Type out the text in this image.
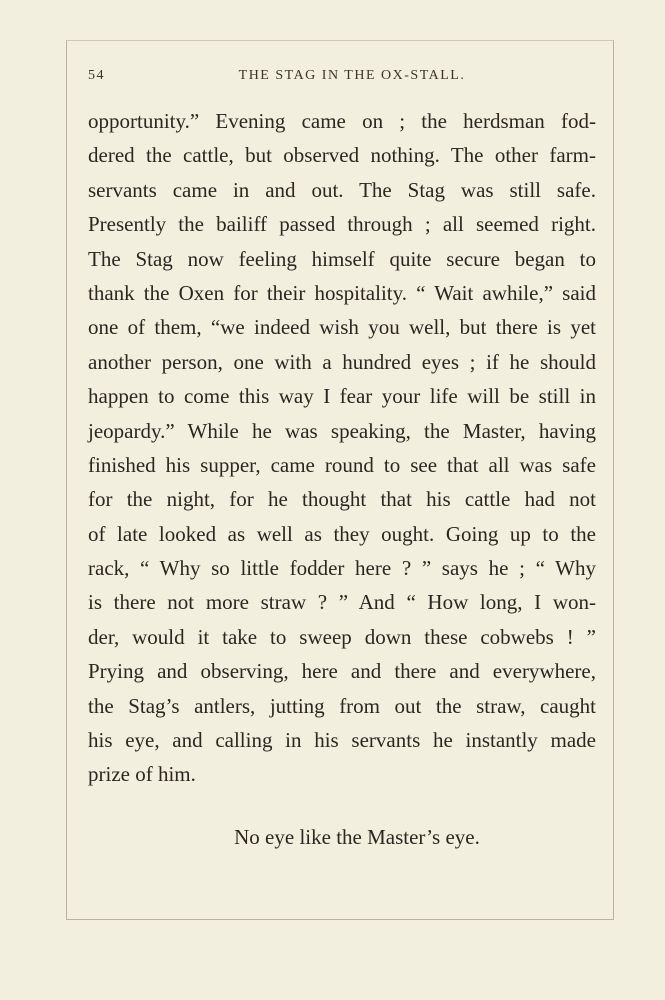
54	THE STAG IN THE OX-STALL.
opportunity.” Evening came on ; the herdsman fod-
dered the cattle, but observed nothing. The other farm-
servants came in and out. The Stag was still safe.
Presently the bailiff passed through ; all seemed right.
The Stag now feeling himself quite secure began to
thank the Oxen for their hospitality. “ Wait awhile,” said
one of them, “we indeed wish you well, but there is yet
another person, one with a hundred eyes ; if he should
happen to come this way I fear your life will be still in
jeopardy.” While he was speaking, the Master, having
finished his supper, came round to see that all was safe
for the night, for he thought that his cattle had not
of late looked as well as they ought. Going up to the
rack, “ Why so little fodder here ? ” says he ; “ Why
is there not more straw ? ” And “ How long, I won-
der, would it take to sweep down these cobwebs ! ”
Prying and observing, here and there and everywhere,
the Stag’s antlers, jutting from out the straw, caught
his eye, and calling in his servants he instantly made
prize of him.
No eye like the Master’s eye.
